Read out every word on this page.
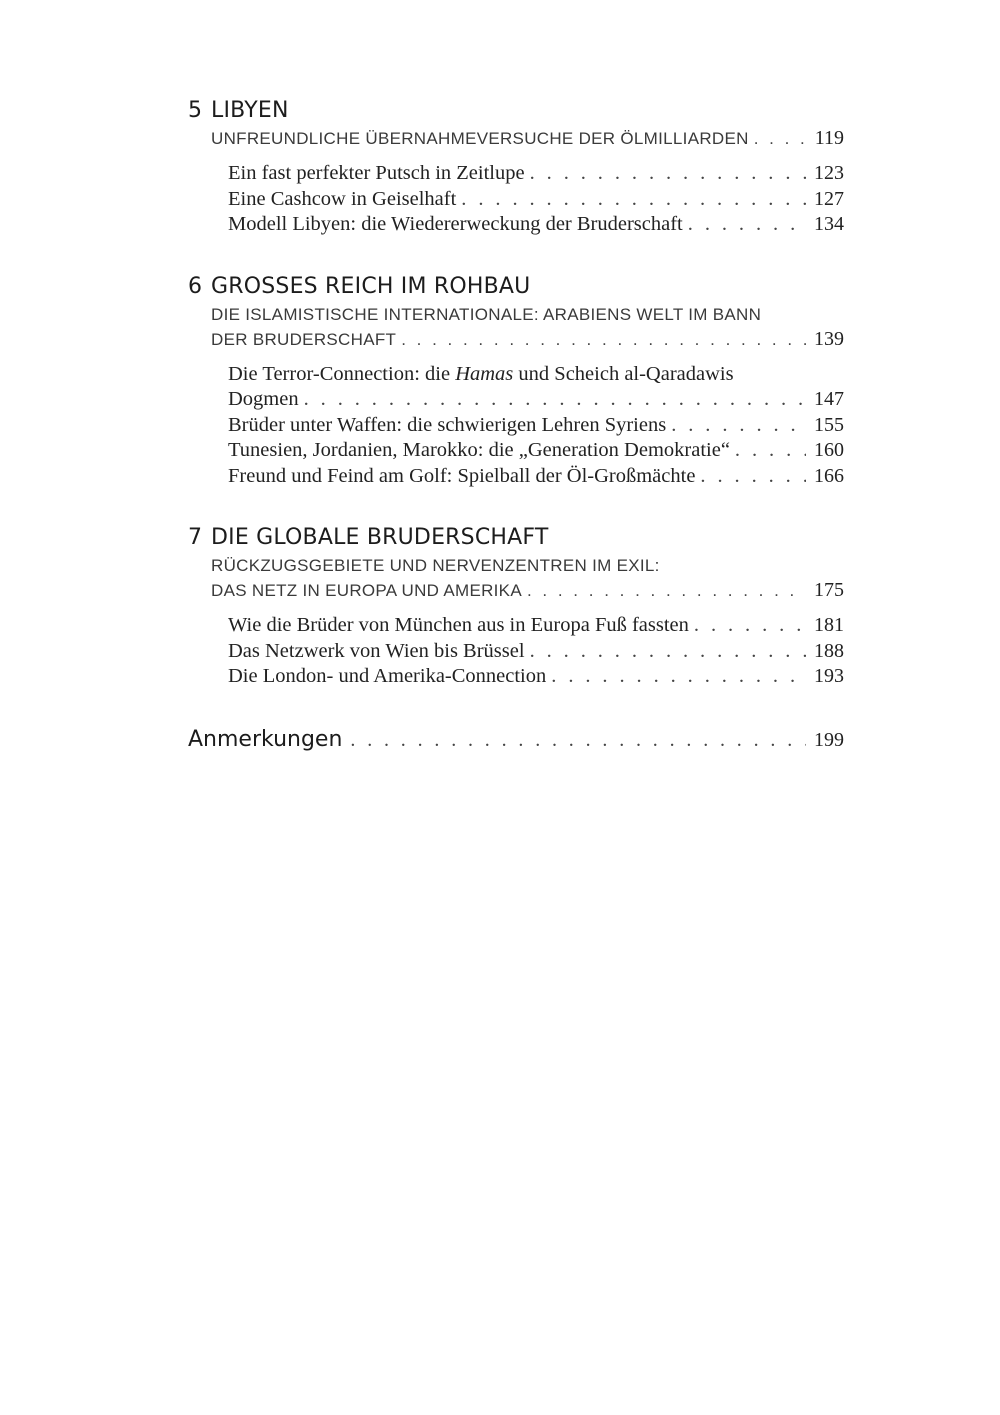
5 LIBYEN
UNFREUNDLICHE ÜBERNAHMEVERSUCHE DER ÖLMILLIARDEN . . .	119
Ein fast perfekter Putsch in Zeitlupe . . .	123
Eine Cashcow in Geiselhaft . . .	127
Modell Libyen: die Wiedererweckung der Bruderschaft . . .	134
6 GROSSES REICH IM ROHBAU
DIE ISLAMISTISCHE INTERNATIONALE: ARABIENS WELT IM BANN
DER BRUDERSCHAFT . . .	139
Die Terror-Connection: die Hamas und Scheich al-Qaradawis
Dogmen . . .	147
Brüder unter Waffen: die schwierigen Lehren Syriens . . .	155
Tunesien, Jordanien, Marokko: die „Generation Demokratie“ . . .	160
Freund und Feind am Golf: Spielball der Öl-Großmächte . . .	166
7 DIE GLOBALE BRUDERSCHAFT
RÜCKZUGSGEBIETE UND NERVENZENTREN IM EXIL:
DAS NETZ IN EUROPA UND AMERIKA . . .	175
Wie die Brüder von München aus in Europa Fuß fassten . . .	181
Das Netzwerk von Wien bis Brüssel . . .	188
Die London- und Amerika-Connection . . .	193
Anmerkungen . . .	199
